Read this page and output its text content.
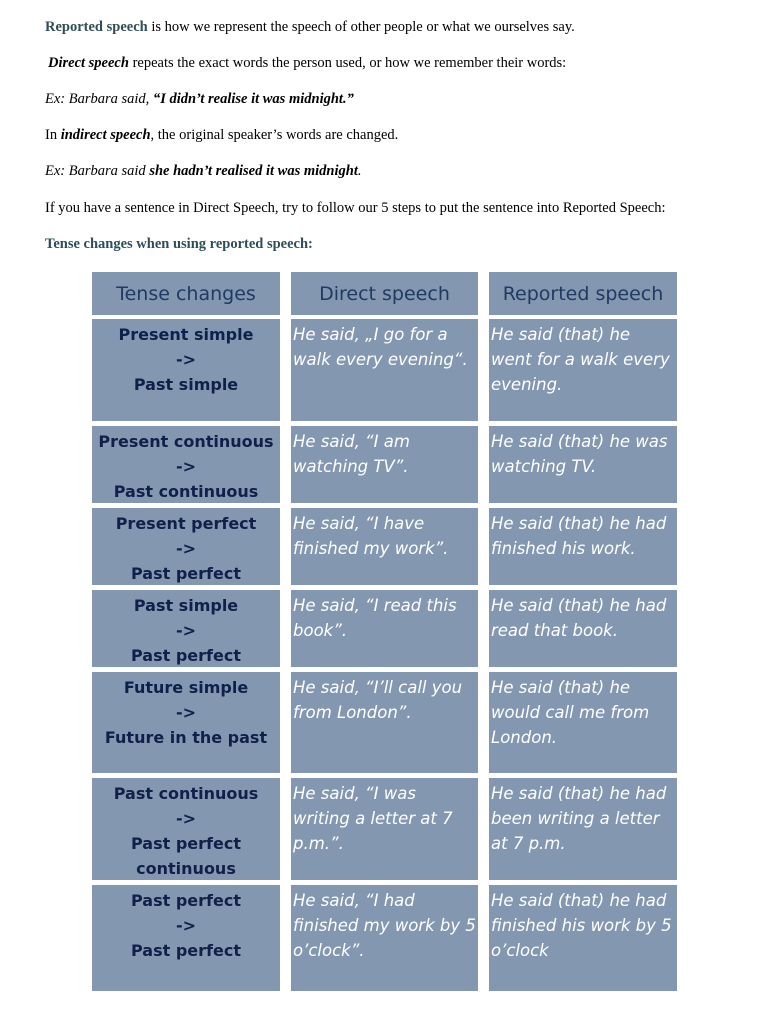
Reported speech is how we represent the speech of other people or what we ourselves say.
Direct speech repeats the exact words the person used, or how we remember their words:
Ex: Barbara said, “I didn’t realise it was midnight.”
In indirect speech, the original speaker’s words are changed.
Ex: Barbara said she hadn’t realised it was midnight.
If you have a sentence in Direct Speech, try to follow our 5 steps to put the sentence into Reported Speech:
Tense changes when using reported speech:
Tense changes	Direct speech	Reported speech
Present simple
->
Past simple
He said, „I go for a walk every evening“.
He said (that) he went for a walk every evening.
Present continuous
->
Past continuous
He said, “I am watching TV”.
He said (that) he was watching TV.
Present perfect
->
Past perfect
He said, “I have finished my work”.
He said (that) he had finished his work.
Past simple
->
Past perfect
He said, “I read this book”.
He said (that) he had read that book.
Future simple
->
Future in the past
He said, “I’ll call you from London”.
He said (that) he would call me from London.
Past continuous
->
Past perfect
continuous
He said, “I was writing a letter at 7 p.m.”.
He said (that) he had been writing a letter at 7 p.m.
Past perfect
->
Past perfect
He said, “I had finished my work by 5 o’clock”.
He said (that) he had finished his work by 5 o’clock
